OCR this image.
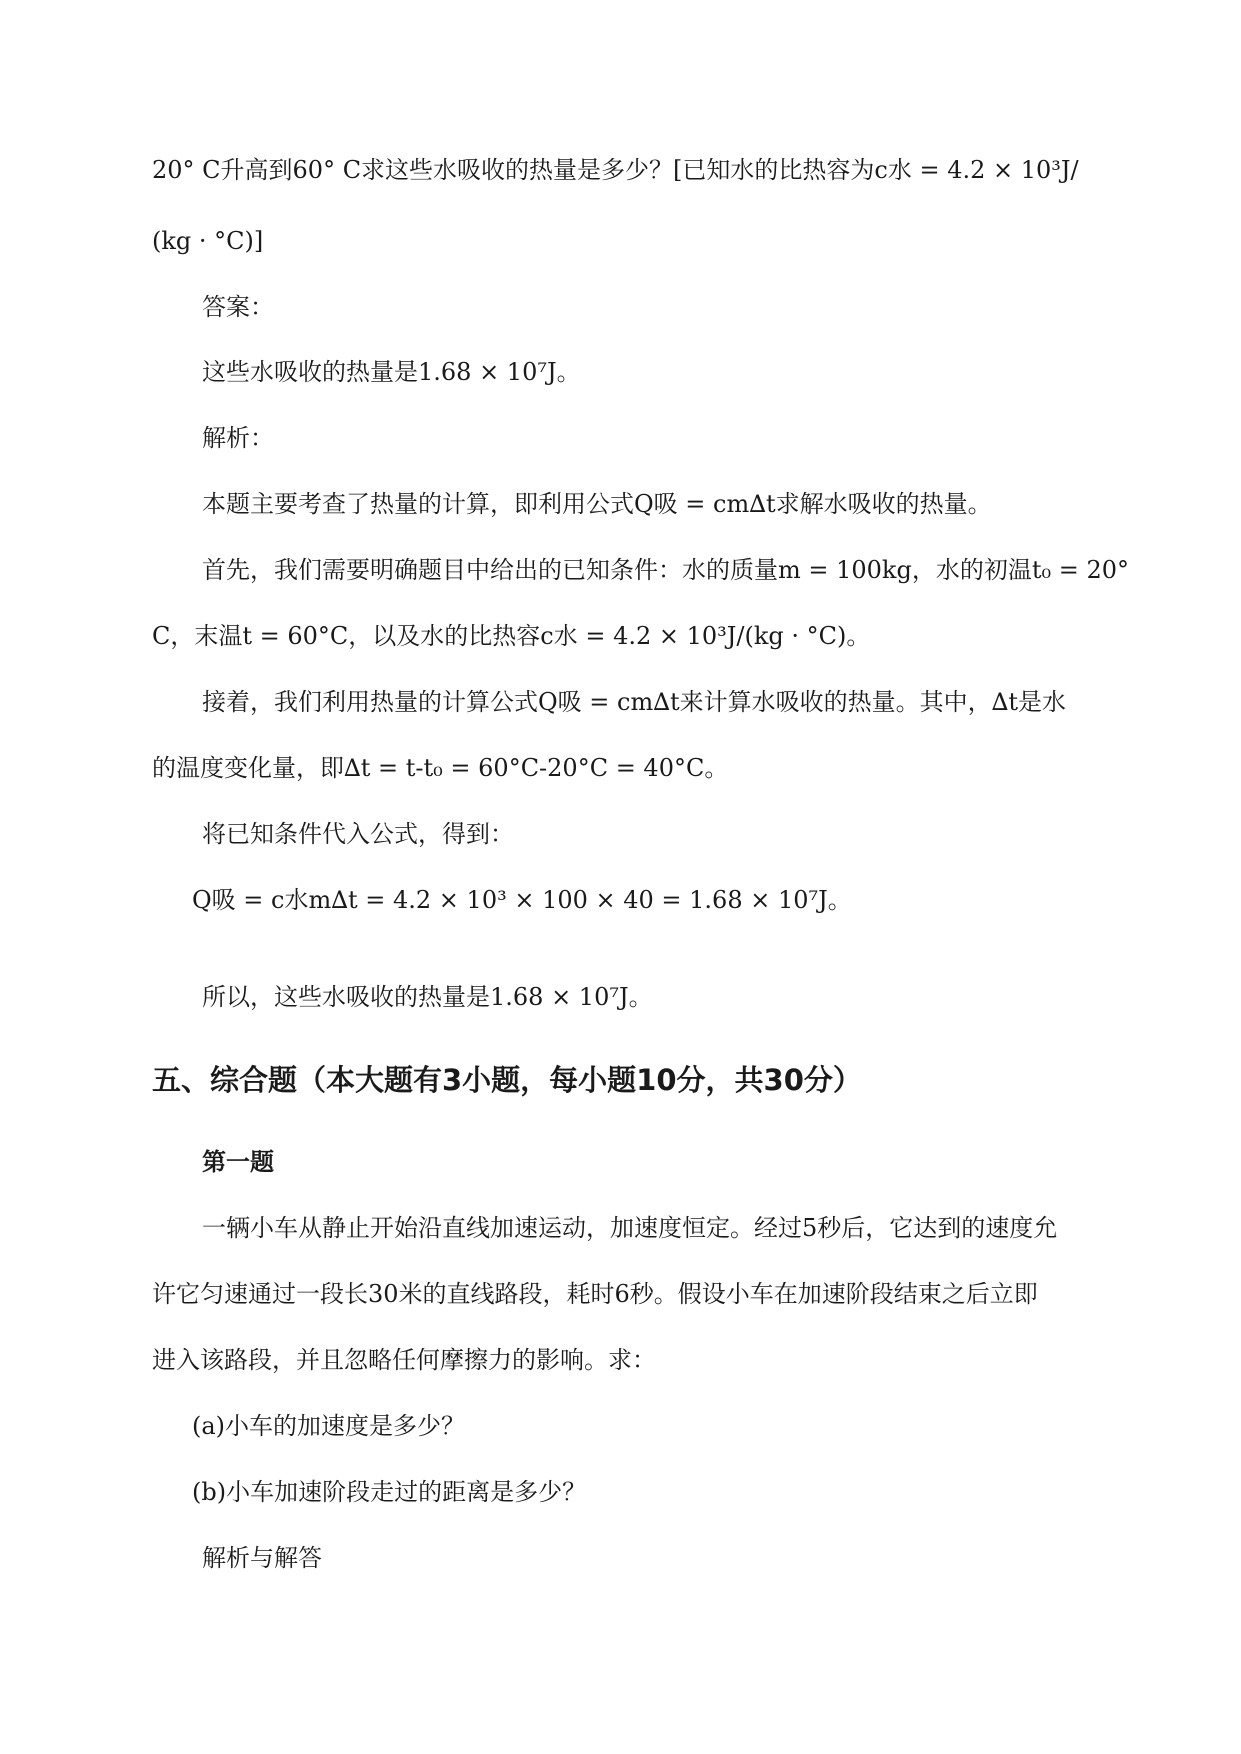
20° C升高到60° C求这些水吸收的热量是多少？[已知水的比热容为c水 = 4.2 × 10³J/
(kg · °C)]
答案：
这些水吸收的热量是1.68 × 10⁷J。
解析：
本题主要考查了热量的计算，即利用公式Q吸 = cm∆t求解水吸收的热量。
首先，我们需要明确题目中给出的已知条件：水的质量m = 100kg，水的初温t₀ = 20°
C，末温t = 60°C，以及水的比热容c水 = 4.2 × 10³J/(kg · °C)。
接着，我们利用热量的计算公式Q吸 = cm∆t来计算水吸收的热量。其中，∆t是水
的温度变化量，即∆t = t-t₀ = 60°C-20°C = 40°C。
将已知条件代入公式，得到：
Q吸 = c水m∆t = 4.2 × 10³ × 100 × 40 = 1.68 × 10⁷J。
所以，这些水吸收的热量是1.68 × 10⁷J。
五、综合题（本大题有3小题，每小题10分，共30分）
第一题
一辆小车从静止开始沿直线加速运动，加速度恒定。经过5秒后，它达到的速度允
许它匀速通过一段长30米的直线路段，耗时6秒。假设小车在加速阶段结束之后立即
进入该路段，并且忽略任何摩擦力的影响。求：
(a)小车的加速度是多少？
(b)小车加速阶段走过的距离是多少？
解析与解答
